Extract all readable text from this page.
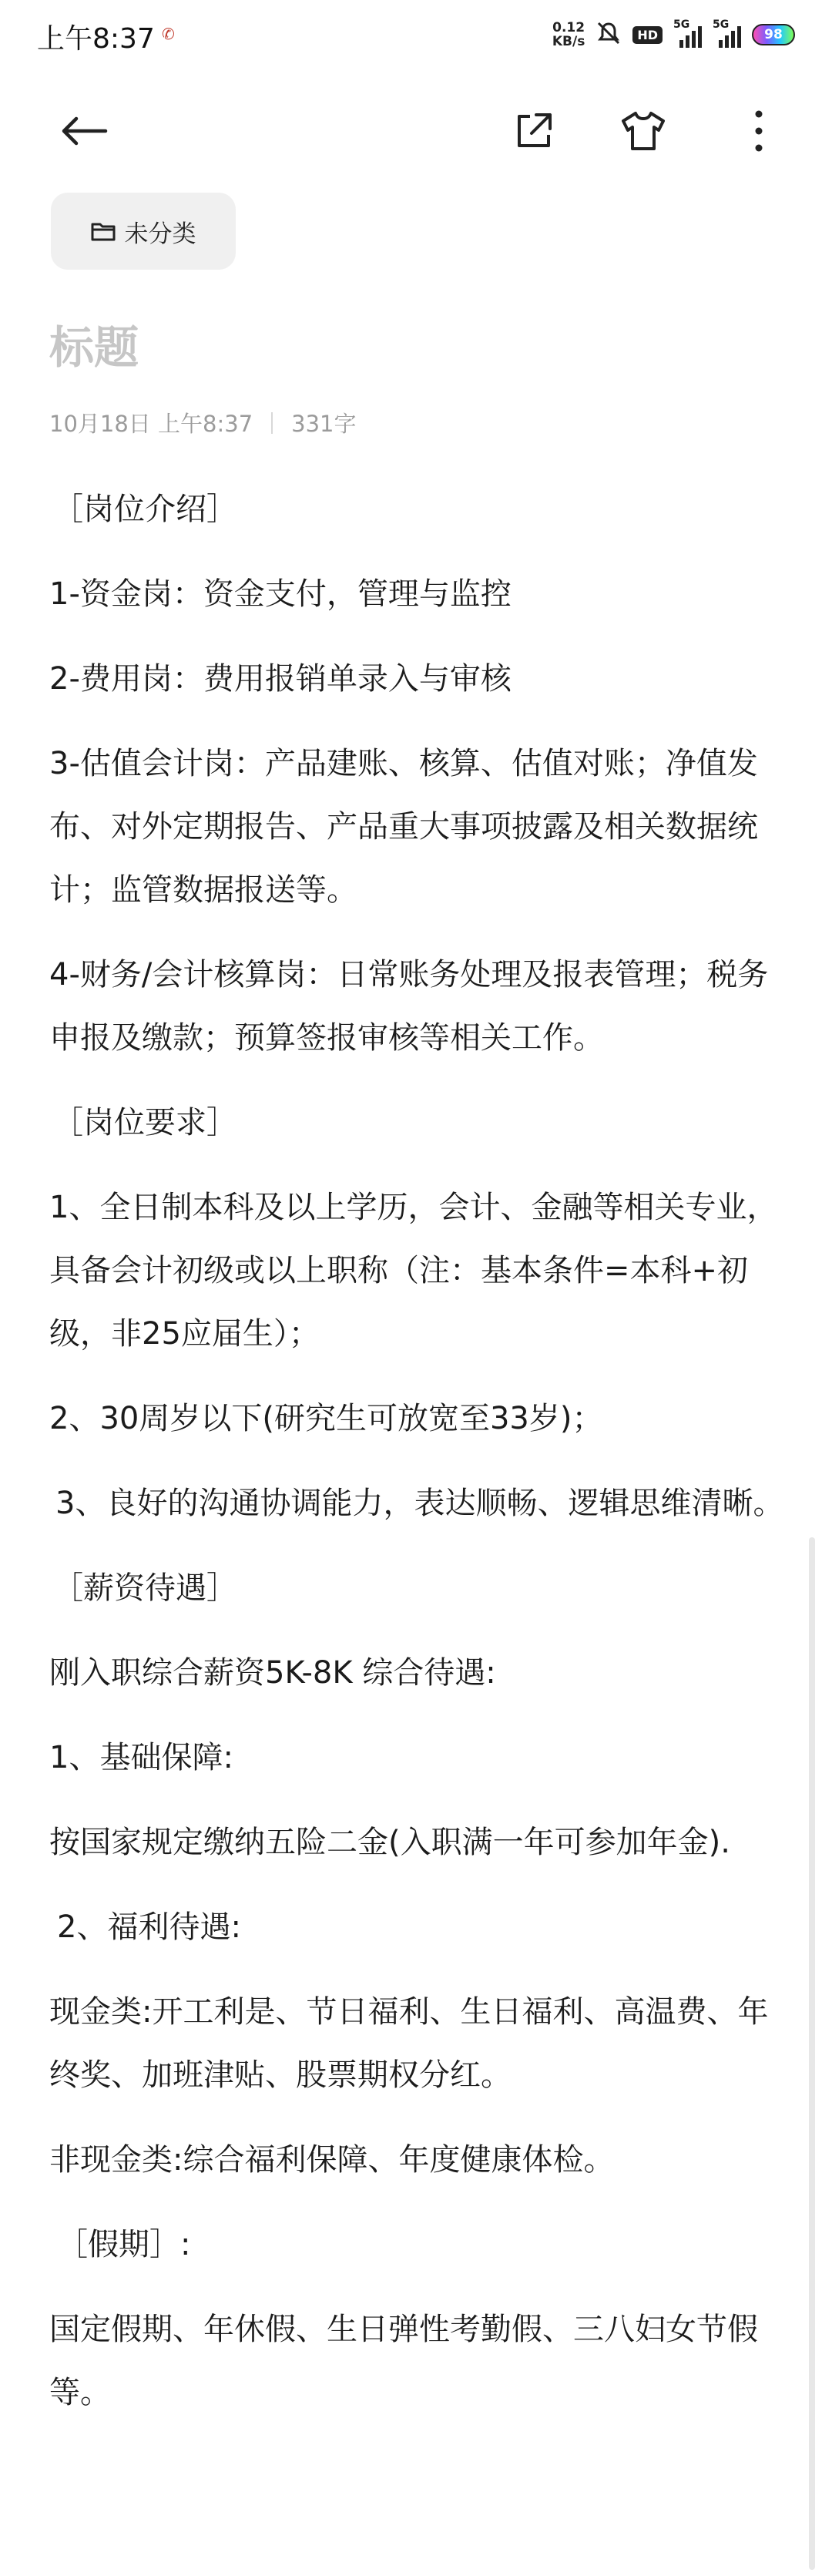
上午8:37 ✆	0.12
KB/s	HD
5G 5G
98
未分类
标题
10月18日 上午8:37 331字

［岗位介绍］

1-资金岗：资金支付，管理与监控

2-费用岗：费用报销单录入与审核

3-估值会计岗：产品建账、核算、估值对账；净值发布、对外定期报告、产品重大事项披露及相关数据统计；监管数据报送等。

4-财务/会计核算岗：日常账务处理及报表管理；税务申报及缴款；预算签报审核等相关工作。

［岗位要求］

1、全日制本科及以上学历，会计、金融等相关专业，具备会计初级或以上职称（注：基本条件=本科+初级，非25应届生）；

2、30周岁以下(研究生可放宽至33岁)；

3、良好的沟通协调能力，表达顺畅、逻辑思维清晰。

［薪资待遇］

刚入职综合薪资5K-8K 综合待遇:

1、基础保障:

按国家规定缴纳五险二金(入职满一年可参加年金).

2、福利待遇:

现金类:开工利是、节日福利、生日福利、高温费、年终奖、加班津贴、股票期权分红。

非现金类:综合福利保障、年度健康体检。

［假期］:

国定假期、年休假、生日弹性考勤假、三八妇女节假等。
